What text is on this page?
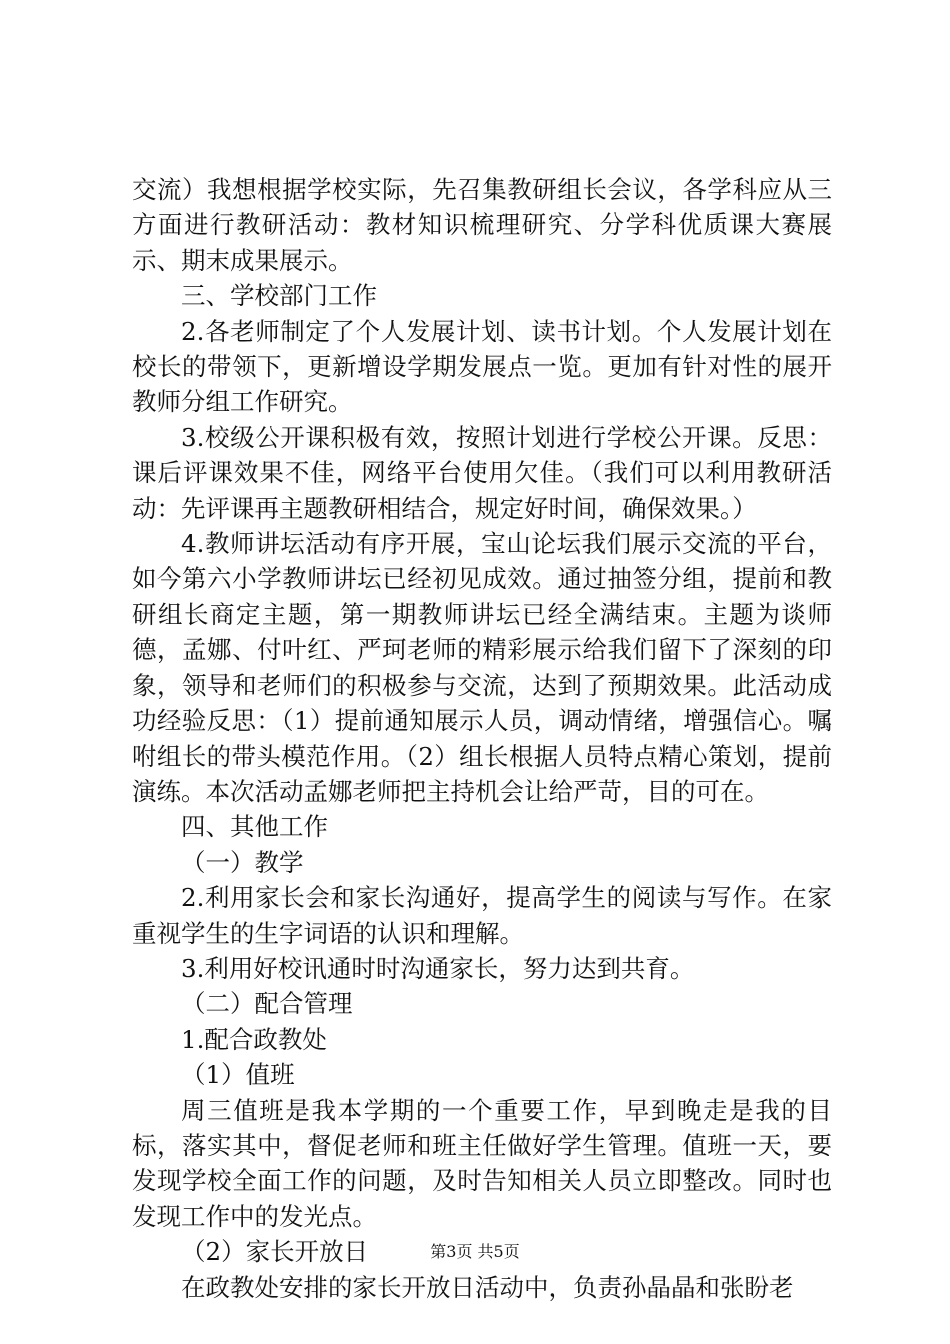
交流）我想根据学校实际，先召集教研组长会议，各学科应从三方面进行教研活动：教材知识梳理研究、分学科优质课大赛展示、期末成果展示。

三、学校部门工作

2.各老师制定了个人发展计划、读书计划。个人发展计划在校长的带领下，更新增设学期发展点一览。更加有针对性的展开教师分组工作研究。

3.校级公开课积极有效，按照计划进行学校公开课。反思：课后评课效果不佳，网络平台使用欠佳。（我们可以利用教研活动：先评课再主题教研相结合，规定好时间，确保效果。）

4.教师讲坛活动有序开展，宝山论坛我们展示交流的平台，如今第六小学教师讲坛已经初见成效。通过抽签分组，提前和教研组长商定主题，第一期教师讲坛已经全满结束。主题为谈师德，孟娜、付叶红、严珂老师的精彩展示给我们留下了深刻的印象，领导和老师们的积极参与交流，达到了预期效果。此活动成功经验反思：（1）提前通知展示人员，调动情绪，增强信心。嘱咐组长的带头模范作用。（2）组长根据人员特点精心策划，提前演练。本次活动孟娜老师把主持机会让给严苛，目的可在。

四、其他工作

（一）教学

2.利用家长会和家长沟通好，提高学生的阅读与写作。在家重视学生的生字词语的认识和理解。

3.利用好校讯通时时沟通家长，努力达到共育。

（二）配合管理

1.配合政教处

（1）值班

周三值班是我本学期的一个重要工作，早到晚走是我的目标，落实其中，督促老师和班主任做好学生管理。值班一天，要发现学校全面工作的问题，及时告知相关人员立即整改。同时也发现工作中的发光点。

（2）家长开放日

在政教处安排的家长开放日活动中，负责孙晶晶和张盼老

第3页 共5页
